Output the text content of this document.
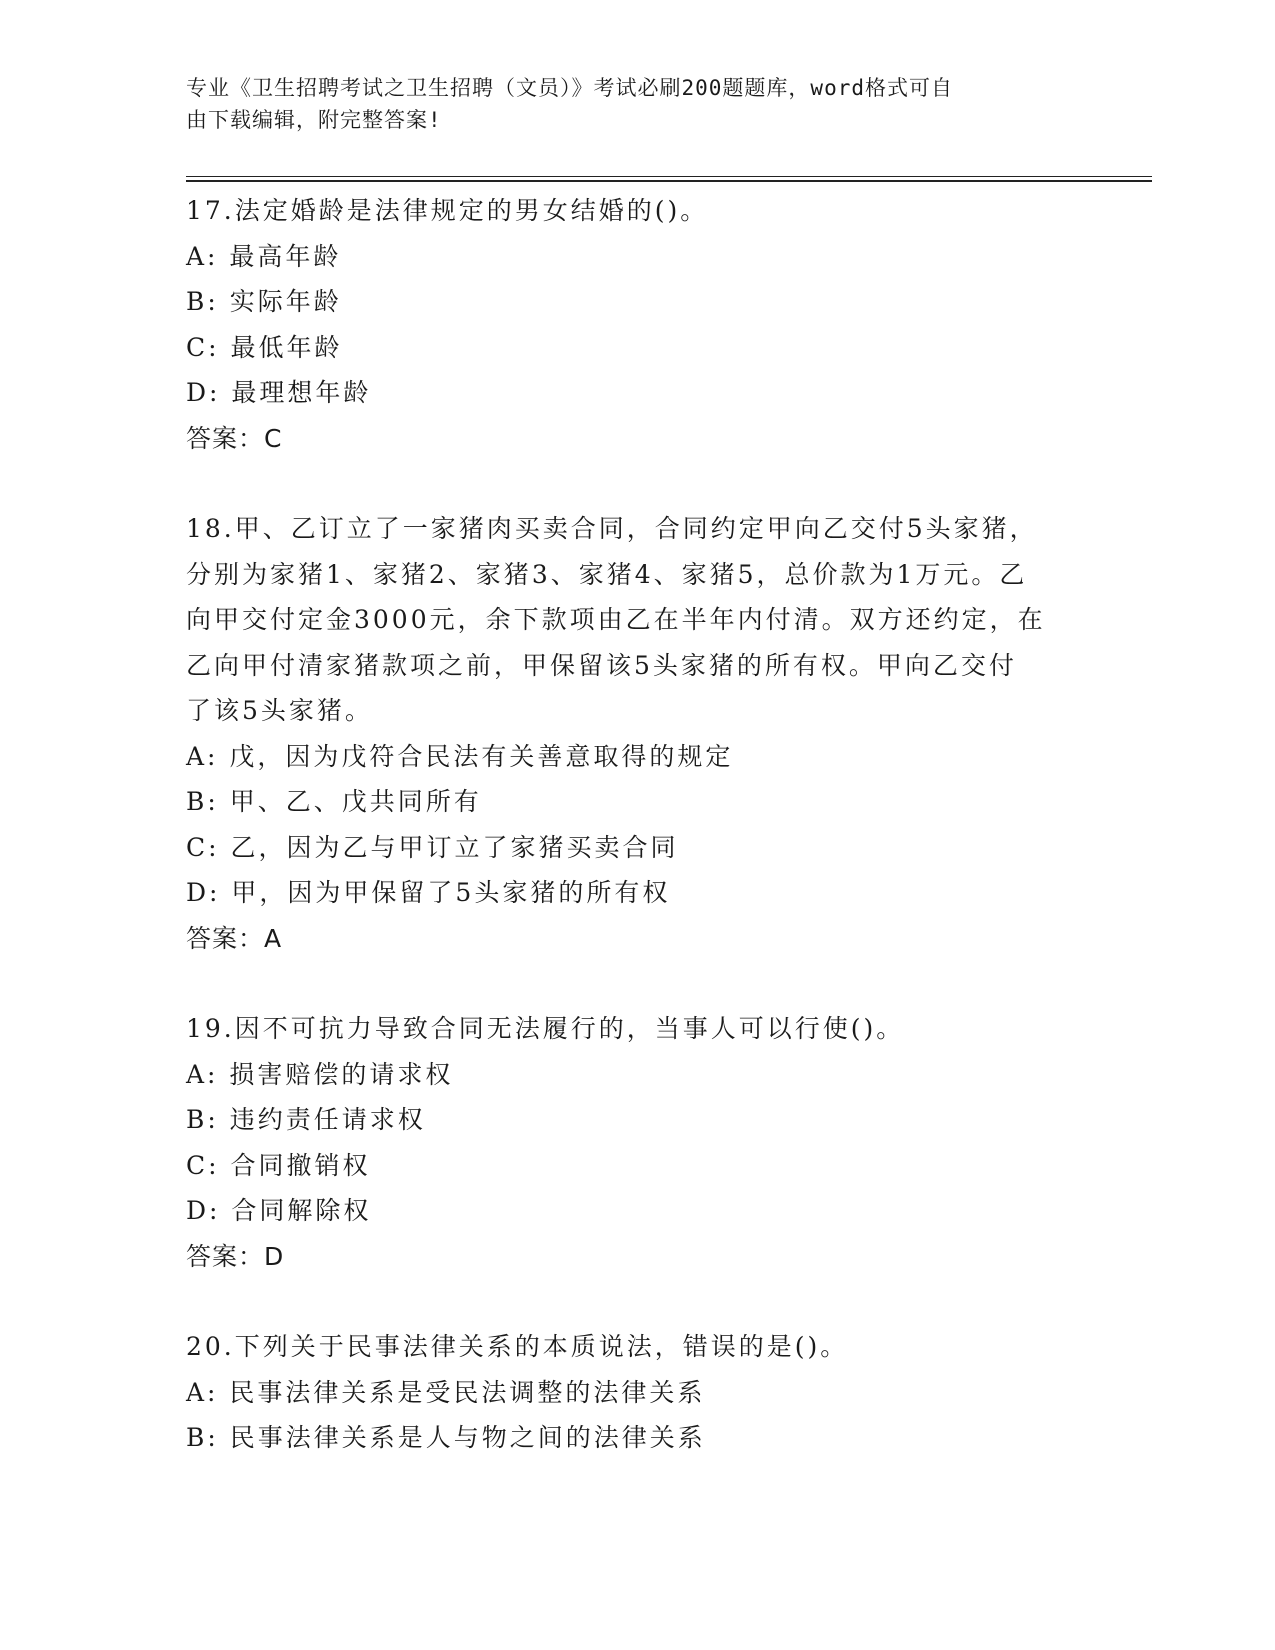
专业《卫生招聘考试之卫生招聘（文员）》考试必刷200题题库，word格式可自
由下载编辑，附完整答案!
17.法定婚龄是法律规定的男女结婚的()。
A: 最高年龄
B: 实际年龄
C: 最低年龄
D: 最理想年龄
答案：C
18.甲、乙订立了一家猪肉买卖合同，合同约定甲向乙交付5头家猪，
分别为家猪1、家猪2、家猪3、家猪4、家猪5，总价款为1万元。乙
向甲交付定金3000元，余下款项由乙在半年内付清。双方还约定，在
乙向甲付清家猪款项之前，甲保留该5头家猪的所有权。甲向乙交付
了该5头家猪。
A: 戊，因为戊符合民法有关善意取得的规定
B: 甲、乙、戊共同所有
C: 乙，因为乙与甲订立了家猪买卖合同
D: 甲，因为甲保留了5头家猪的所有权
答案：A
19.因不可抗力导致合同无法履行的，当事人可以行使()。
A: 损害赔偿的请求权
B: 违约责任请求权
C: 合同撤销权
D: 合同解除权
答案：D
20.下列关于民事法律关系的本质说法，错误的是()。
A: 民事法律关系是受民法调整的法律关系
B: 民事法律关系是人与物之间的法律关系
